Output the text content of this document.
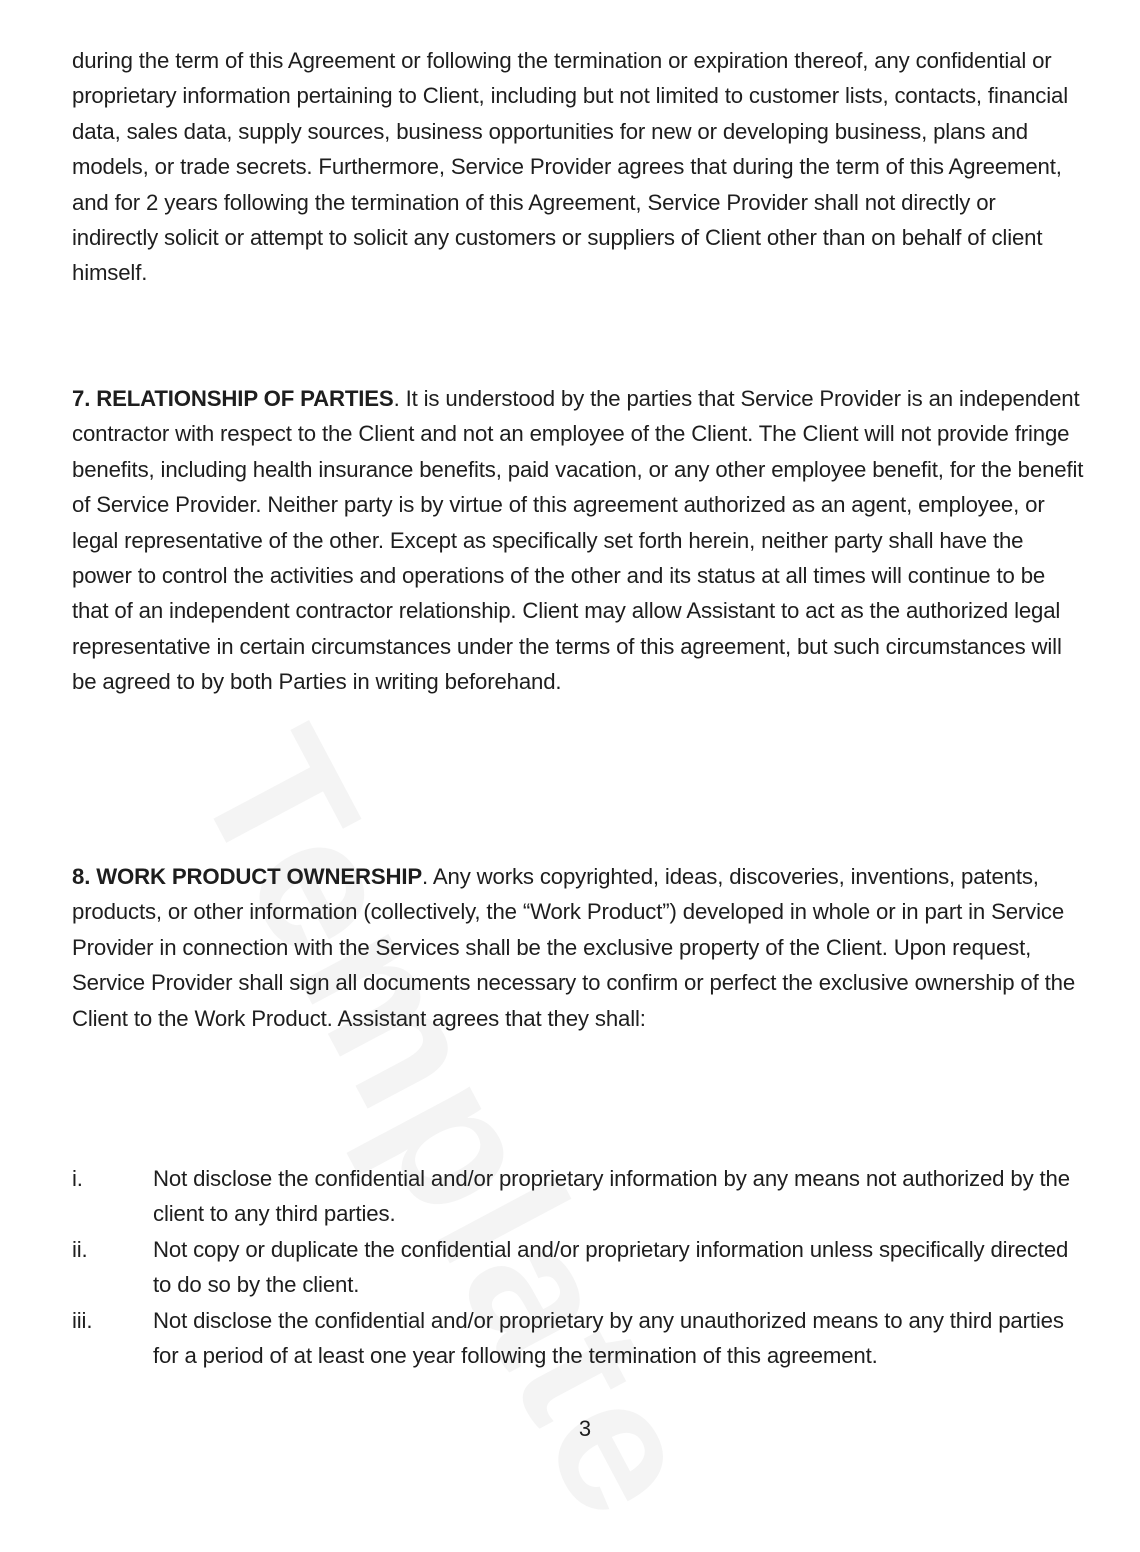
during the term of this Agreement or following the termination or expiration thereof, any confidential or proprietary information pertaining to Client, including but not limited to customer lists, contacts, financial data, sales data, supply sources, business opportunities for new or developing business, plans and models, or trade secrets. Furthermore, Service Provider agrees that during the term of this Agreement, and for 2 years following the termination of this Agreement, Service Provider shall not directly or indirectly solicit or attempt to solicit any customers or suppliers of Client other than on behalf of client himself.

7. RELATIONSHIP OF PARTIES. It is understood by the parties that Service Provider is an independent contractor with respect to the Client and not an employee of the Client. The Client will not provide fringe benefits, including health insurance benefits, paid vacation, or any other employee benefit, for the benefit of Service Provider. Neither party is by virtue of this agreement authorized as an agent, employee, or legal representative of the other. Except as specifically set forth herein, neither party shall have the power to control the activities and operations of the other and its status at all times will continue to be that of an independent contractor relationship. Client may allow Assistant to act as the authorized legal representative in certain circumstances under the terms of this agreement, but such circumstances will be agreed to by both Parties in writing beforehand.

8. WORK PRODUCT OWNERSHIP. Any works copyrighted, ideas, discoveries, inventions, patents, products, or other information (collectively, the “Work Product”) developed in whole or in part in Service Provider in connection with the Services shall be the exclusive property of the Client. Upon request, Service Provider shall sign all documents necessary to confirm or perfect the exclusive ownership of the Client to the Work Product. Assistant agrees that they shall:

i.	Not disclose the confidential and/or proprietary information by any means not authorized by the client to any third parties.
ii.	Not copy or duplicate the confidential and/or proprietary information unless specifically directed to do so by the client.
iii.	Not disclose the confidential and/or proprietary by any unauthorized means to any third parties for a period of at least one year following the termination of this agreement.
3
